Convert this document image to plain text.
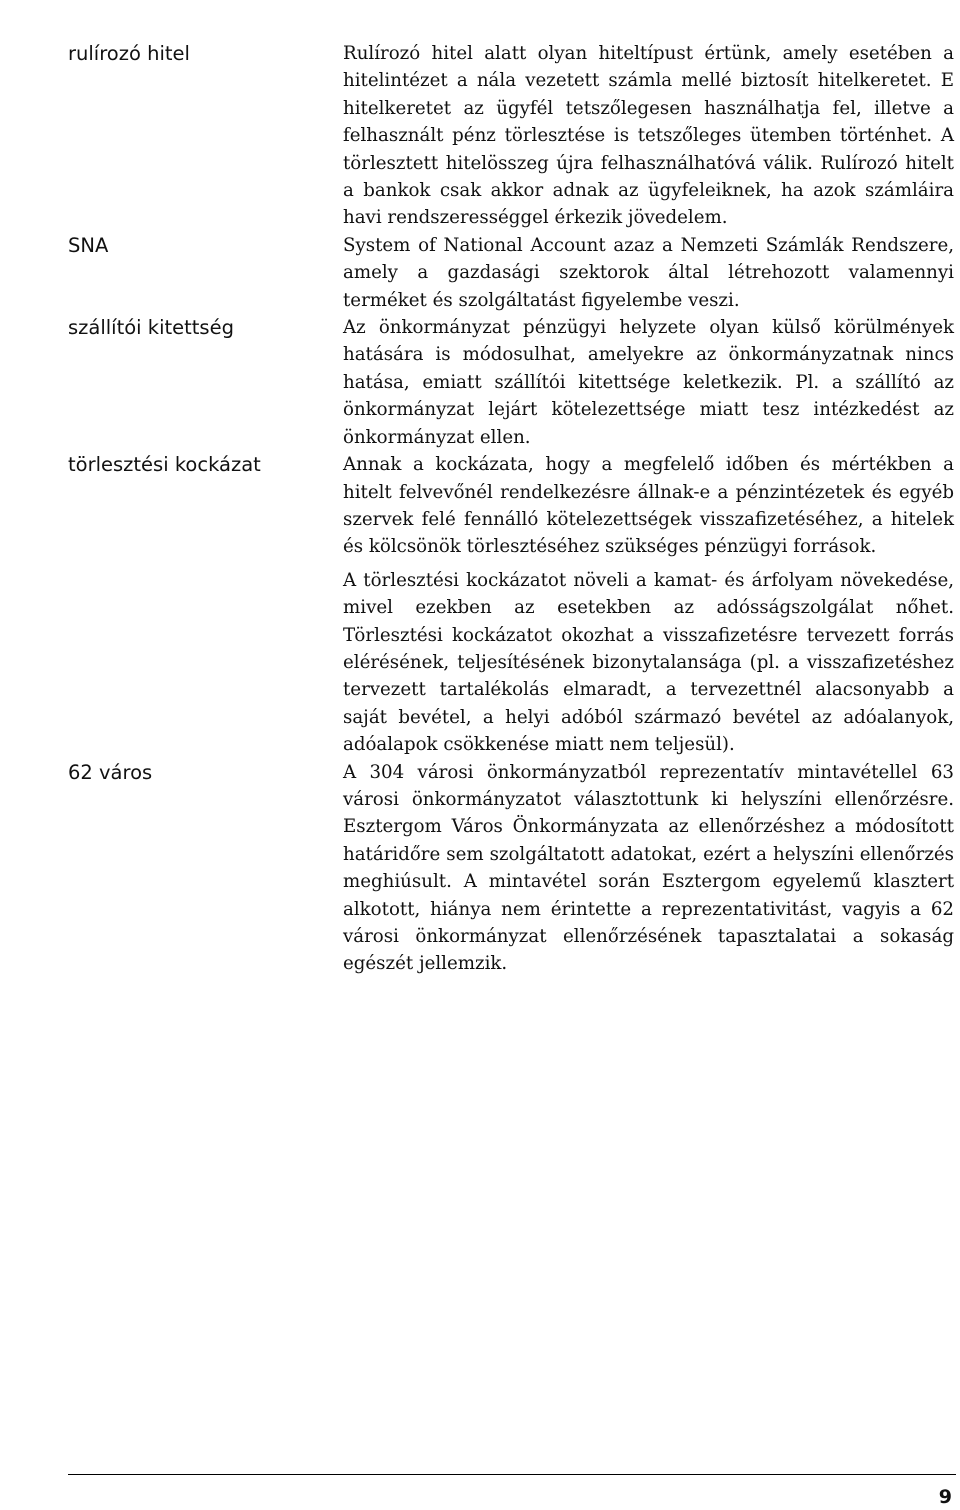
rulírozó hitel	Rulírozó hitel alatt olyan hiteltípust értünk, amely esetében a hitelintézet a nála vezetett számla mellé biztosít hitelkeretet. E hitelkeretet az ügyfél tetszőlegesen használhatja fel, illetve a felhasznált pénz törlesztése is tetszőleges ütemben történhet. A törlesztett hitelösszeg újra felhasználhatóvá válik. Rulírozó hitelt a bankok csak akkor adnak az ügyfeleiknek, ha azok számláira havi rendszerességgel érkezik jövedelem.

SNA	System of National Account azaz a Nemzeti Számlák Rendszere, amely a gazdasági szektorok által létrehozott valamennyi terméket és szolgáltatást figyelembe veszi.

szállítói kitettség	Az önkormányzat pénzügyi helyzete olyan külső körülmények hatására is módosulhat, amelyekre az önkormányzatnak nincs hatása, emiatt szállítói kitettsége keletkezik. Pl. a szállító az önkormányzat lejárt kötelezettsége miatt tesz intézkedést az önkormányzat ellen.

törlesztési kockázat	Annak a kockázata, hogy a megfelelő időben és mértékben a hitelt felvevőnél rendelkezésre állnak-e a pénzintézetek és egyéb szervek felé fennálló kötelezettségek visszafizetéséhez, a hitelek és kölcsönök törlesztéséhez szükséges pénzügyi források.

A törlesztési kockázatot növeli a kamat- és árfolyam növekedése, mivel ezekben az esetekben az adósságszolgálat nőhet. Törlesztési kockázatot okozhat a visszafizetésre tervezett forrás elérésének, teljesítésének bizonytalansága (pl. a visszafizetéshez tervezett tartalékolás elmaradt, a tervezettnél alacsonyabb a saját bevétel, a helyi adóból származó bevétel az adóalanyok, adóalapok csökkenése miatt nem teljesül).

62 város	A 304 városi önkormányzatból reprezentatív mintavétellel 63 városi önkormányzatot választottunk ki helyszíni ellenőrzésre. Esztergom Város Önkormányzata az ellenőrzéshez a módosított határidőre sem szolgáltatott adatokat, ezért a helyszíni ellenőrzés meghiúsult. A mintavétel során Esztergom egyelemű klasztert alkotott, hiánya nem érintette a reprezentativitást, vagyis a 62 városi önkormányzat ellenőrzésének tapasztalatai a sokaság egészét jellemzik.

9
